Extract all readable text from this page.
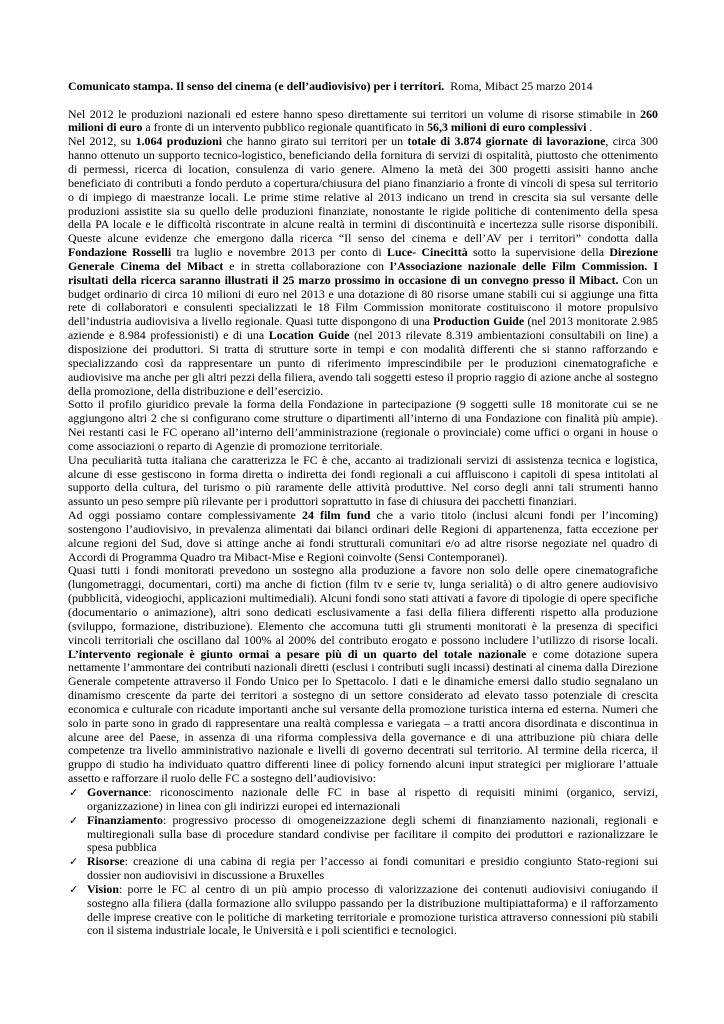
Comunicato stampa. Il senso del cinema (e dell’audiovisivo) per i territori. Roma, Mibact 25 marzo 2014

Nel 2012 le produzioni nazionali ed estere hanno speso direttamente sui territori un volume di risorse stimabile in 260 milioni di euro a fronte di un intervento pubblico regionale quantificato in 56,3 milioni di euro complessivi .

Nel 2012, su 1.064 produzioni che hanno girato sui territori per un totale di 3.874 giornate di lavorazione, circa 300 hanno ottenuto un supporto tecnico-logistico, beneficiando della fornitura di servizi di ospitalità, piuttosto che ottenimento di permessi, ricerca di location, consulenza di vario genere. Almeno la metà dei 300 progetti assisiti hanno anche beneficiato di contributi a fondo perduto a copertura/chiusura del piano finanziario a fronte di vincoli di spesa sul territorio o di impiego di maestranze locali. Le prime stime relative al 2013 indicano un trend in crescita sia sul versante delle produzioni assistite sia su quello delle produzioni finanziate, nonostante le rigide politiche di contenimento della spesa della PA locale e le difficoltà riscontrate in alcune realtà in termini di discontinuità e incertezza sulle risorse disponibili. Queste alcune evidenze che emergono dalla ricerca “Il senso del cinema e dell’AV per i territori” condotta dalla Fondazione Rosselli tra luglio e novembre 2013 per conto di Luce- Cinecittà sotto la supervisione della Direzione Generale Cinema del Mibact e in stretta collaborazione con l’Associazione nazionale delle Film Commission. I risultati della ricerca saranno illustrati il 25 marzo prossimo in occasione di un convegno presso il Mibact. Con un budget ordinario di circa 10 milioni di euro nel 2013 e una dotazione di 80 risorse umane stabili cui si aggiunge una fitta rete di collaboratori e consulenti specializzati le 18 Film Commission monitorate costituiscono il motore propulsivo dell’industria audiovisiva a livello regionale. Quasi tutte dispongono di una Production Guide (nel 2013 monitorate 2.985 aziende e 8.984 professionisti) e di una Location Guide (nel 2013 rilevate 8.319 ambientazioni consultabili on line) a disposizione dei produttori. Si tratta di strutture sorte in tempi e con modalità differenti che si stanno rafforzando e specializzando così da rappresentare un punto di riferimento imprescindibile per le produzioni cinematografiche e audiovisive ma anche per gli altri pezzi della filiera, avendo tali soggetti esteso il proprio raggio di azione anche al sostegno della promozione, della distribuzione e dell’esercizio.

Sotto il profilo giuridico prevale la forma della Fondazione in partecipazione (9 soggetti sulle 18 monitorate cui se ne aggiungono altri 2 che si configurano come strutture o dipartimenti all’interno di una Fondazione con finalità più ampie). Nei restanti casi le FC operano all’interno dell’amministrazione (regionale o provinciale) come uffici o organi in house o come associazioni o reparto di Agenzie di promozione territoriale.

Una peculiarità tutta italiana che caratterizza le FC è che, accanto ai tradizionali servizi di assistenza tecnica e logistica, alcune di esse gestiscono in forma diretta o indiretta dei fondi regionali a cui affluiscono i capitoli di spesa intitolati al supporto della cultura, del turismo o più raramente delle attività produttive. Nel corso degli anni tali strumenti hanno assunto un peso sempre più rilevante per i produttori soprattutto in fase di chiusura dei pacchetti finanziari.

Ad oggi possiamo contare complessivamente 24 film fund che a vario titolo (inclusi alcuni fondi per l’incoming) sostengono l’audiovisivo, in prevalenza alimentati dai bilanci ordinari delle Regioni di appartenenza, fatta eccezione per alcune regioni del Sud, dove si attinge anche ai fondi strutturali comunitari e/o ad altre risorse negoziate nel quadro di Accordi di Programma Quadro tra Mibact-Mise e Regioni coinvolte (Sensi Contemporanei).

Quasi tutti i fondi monitorati prevedono un sostegno alla produzione a favore non solo delle opere cinematografiche (lungometraggi, documentari, corti) ma anche di fiction (film tv e serie tv, lunga serialità) o di altro genere audiovisivo (pubblicità, videogiochi, applicazioni multimediali). Alcuni fondi sono stati attivati a favore di tipologie di opere specifiche (documentario o animazione), altri sono dedicati esclusivamente a fasi della filiera differenti rispetto alla produzione (sviluppo, formazione, distribuzione). Elemento che accomuna tutti gli strumenti monitorati è la presenza di specifici vincoli territoriali che oscillano dal 100% al 200% del contributo erogato e possono includere l’utilizzo di risorse locali. L’intervento regionale è giunto ormai a pesare più di un quarto del totale nazionale e come dotazione supera nettamente l’ammontare dei contributi nazionali diretti (esclusi i contributi sugli incassi) destinati al cinema dalla Direzione Generale competente attraverso il Fondo Unico per lo Spettacolo. I dati e le dinamiche emersi dallo studio segnalano un dinamismo crescente da parte dei territori a sostegno di un settore considerato ad elevato tasso potenziale di crescita economica e culturale con ricadute importanti anche sul versante della promozione turistica interna ed esterna. Numeri che solo in parte sono in grado di rappresentare una realtà complessa e variegata – a tratti ancora disordinata e discontinua in alcune aree del Paese, in assenza di una riforma complessiva della governance e di una attribuzione più chiara delle competenze tra livello amministrativo nazionale e livelli di governo decentrati sul territorio. Al termine della ricerca, il gruppo di studio ha individuato quattro differenti linee di policy fornendo alcuni input strategici per migliorare l’attuale assetto e rafforzare il ruolo delle FC a sostegno dell’audiovisivo:

✓ Governance: riconoscimento nazionale delle FC in base al rispetto di requisiti minimi (organico, servizi, organizzazione) in linea con gli indirizzi europei ed internazionali
✓ Finanziamento: progressivo processo di omogeneizzazione degli schemi di finanziamento nazionali, regionali e multiregionali sulla base di procedure standard condivise per facilitare il compito dei produttori e razionalizzare le spesa pubblica
✓ Risorse: creazione di una cabina di regia per l’accesso ai fondi comunitari e presidio congiunto Stato-regioni sui dossier non audiovisivi in discussione a Bruxelles
✓ Vision: porre le FC al centro di un più ampio processo di valorizzazione dei contenuti audiovisivi coniugando il sostegno alla filiera (dalla formazione allo sviluppo passando per la distribuzione multipiattaforma) e il rafforzamento delle imprese creative con le politiche di marketing territoriale e promozione turistica attraverso connessioni più stabili con il sistema industriale locale, le Università e i poli scientifici e tecnologici.
